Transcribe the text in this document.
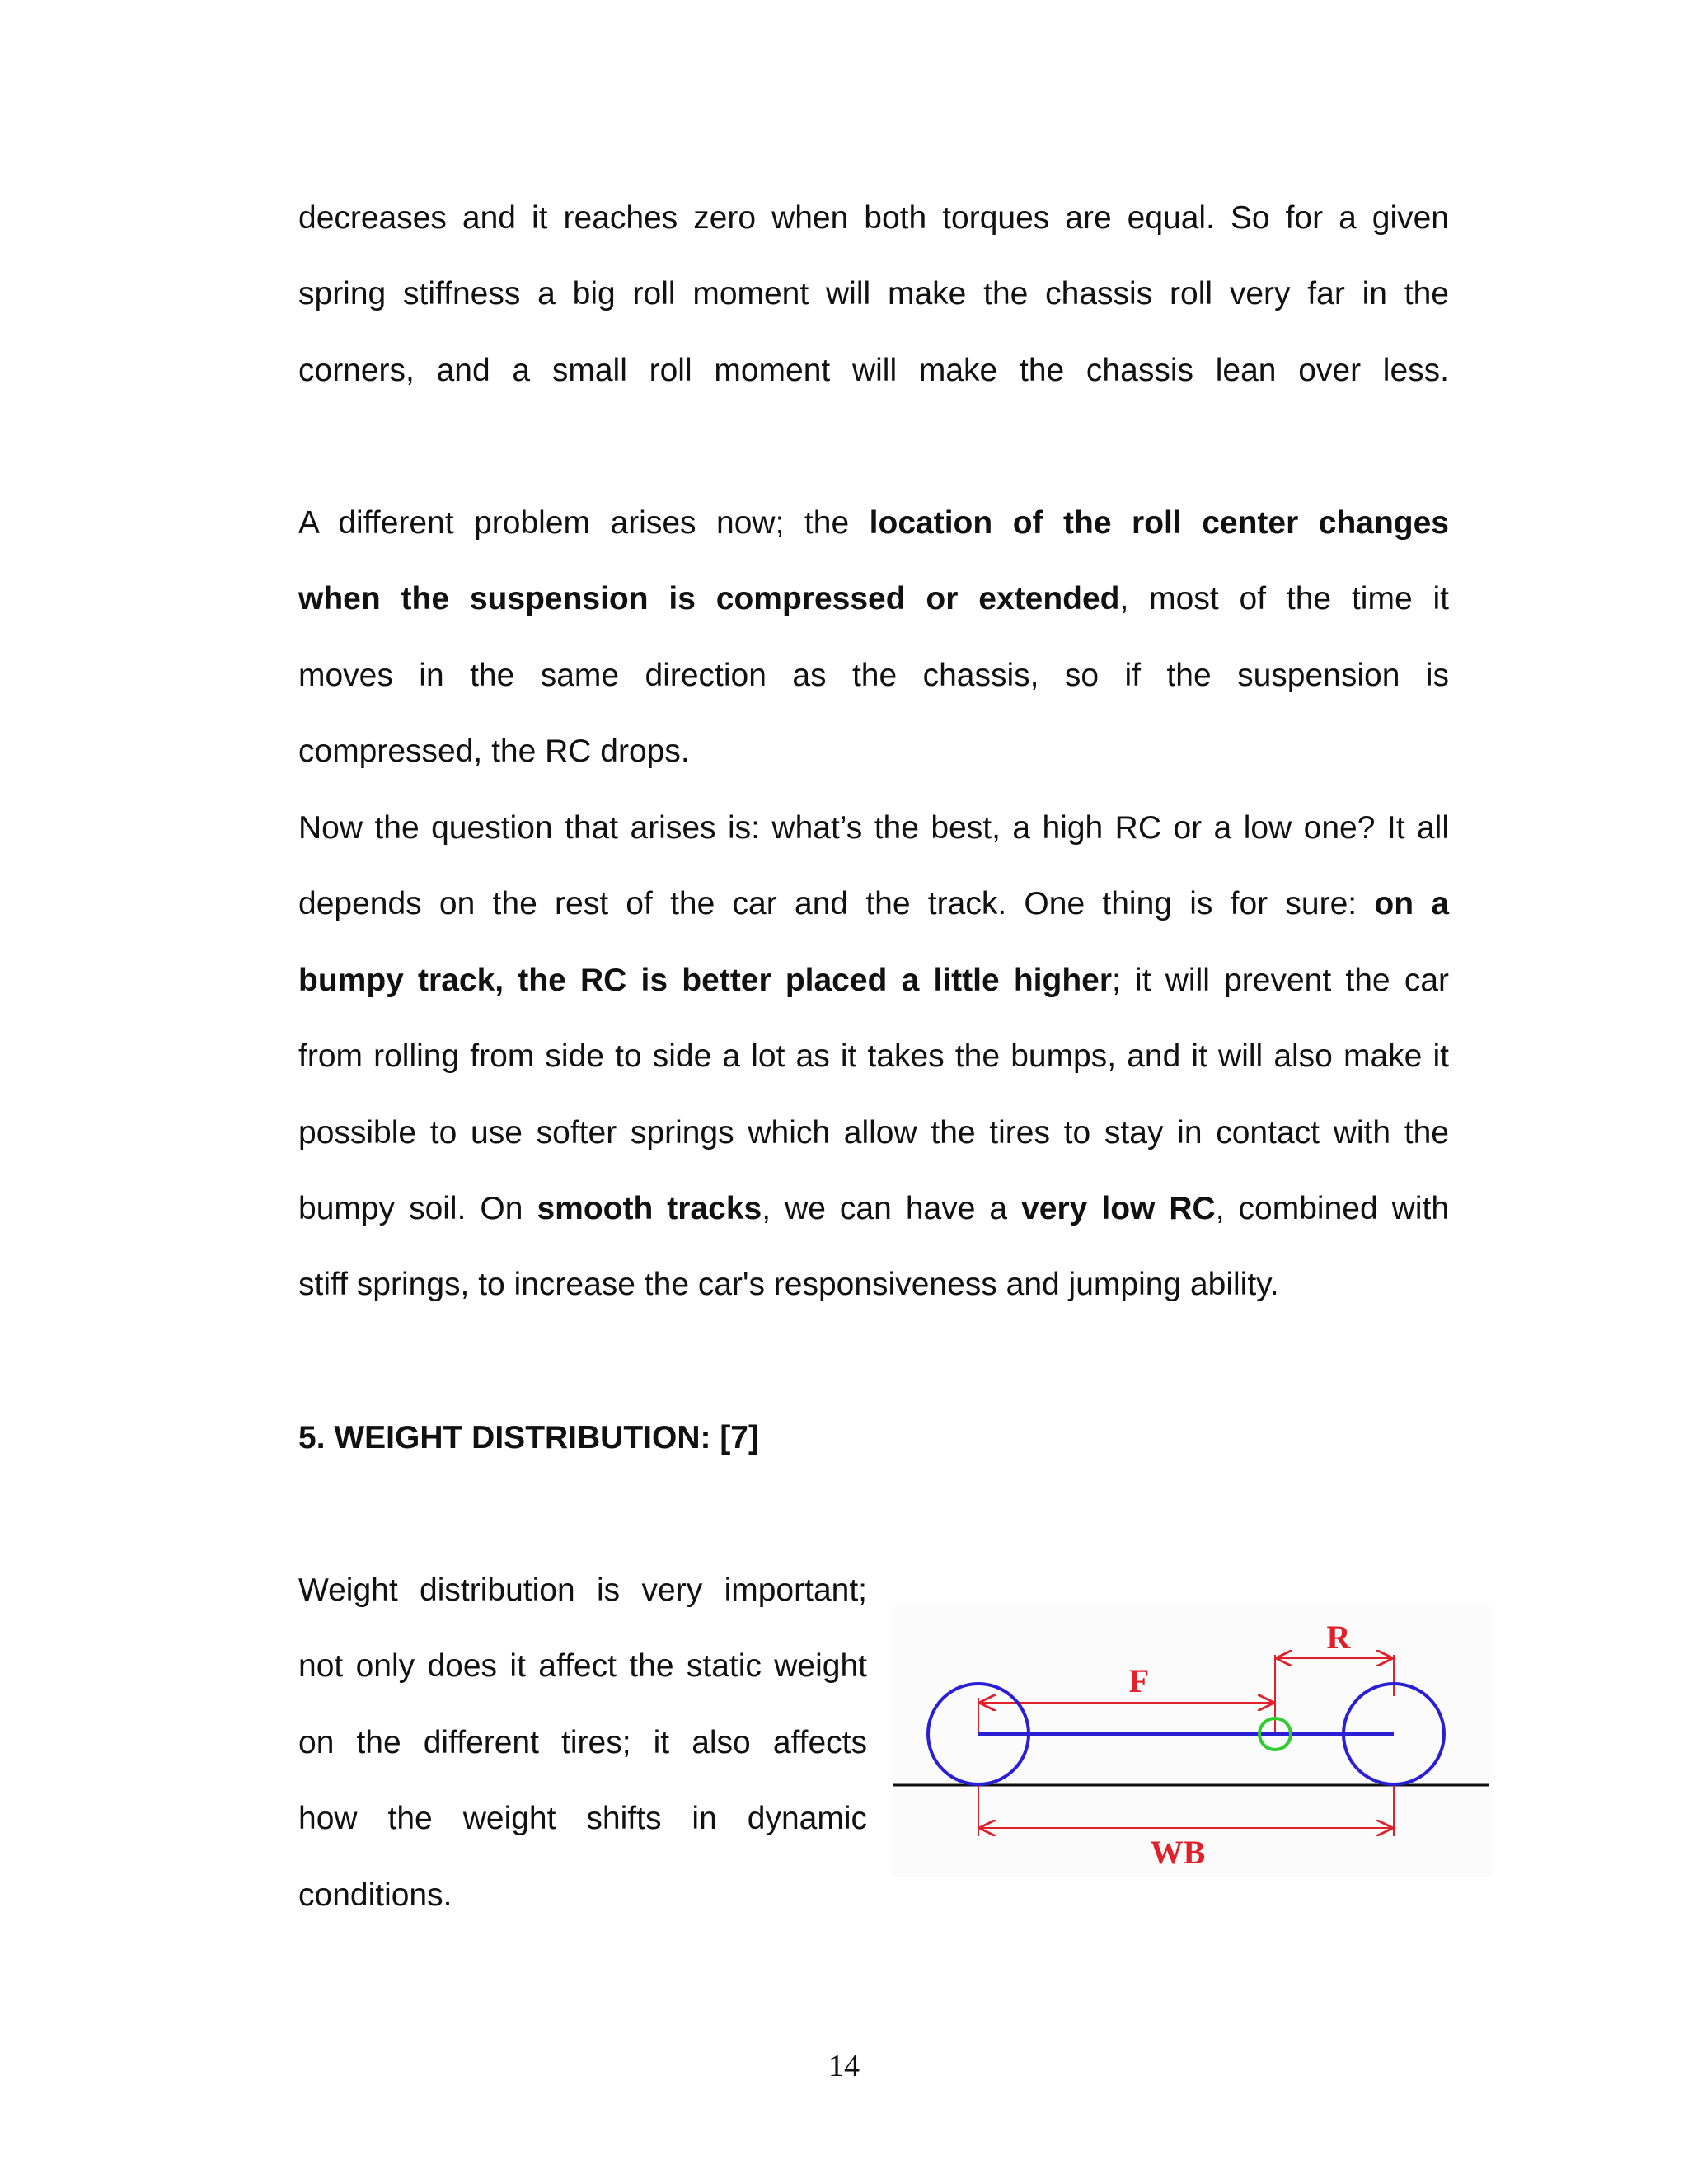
decreases and it reaches zero when both torques are equal. So for a given
spring stiffness a big roll moment will make the chassis roll very far in the
corners, and a small roll moment will make the chassis lean over less.
A different problem arises now; the location of the roll center changes
when the suspension is compressed or extended, most of the time it
moves in the same direction as the chassis, so if the suspension is
compressed, the RC drops.
Now the question that arises is: what’s the best, a high RC or a low one? It all
depends on the rest of the car and the track. One thing is for sure: on a
bumpy track, the RC is better placed a little higher; it will prevent the car
from rolling from side to side a lot as it takes the bumps, and it will also make it
possible to use softer springs which allow the tires to stay in contact with the
bumpy soil. On smooth tracks, we can have a very low RC, combined with
stiff springs, to increase the car's responsiveness and jumping ability.
5. WEIGHT DISTRIBUTION: [7]
Weight distribution is very important;
not only does it affect the static weight
on the different tires; it also affects
how the weight shifts in dynamic
conditions.
WB
F
R
14
